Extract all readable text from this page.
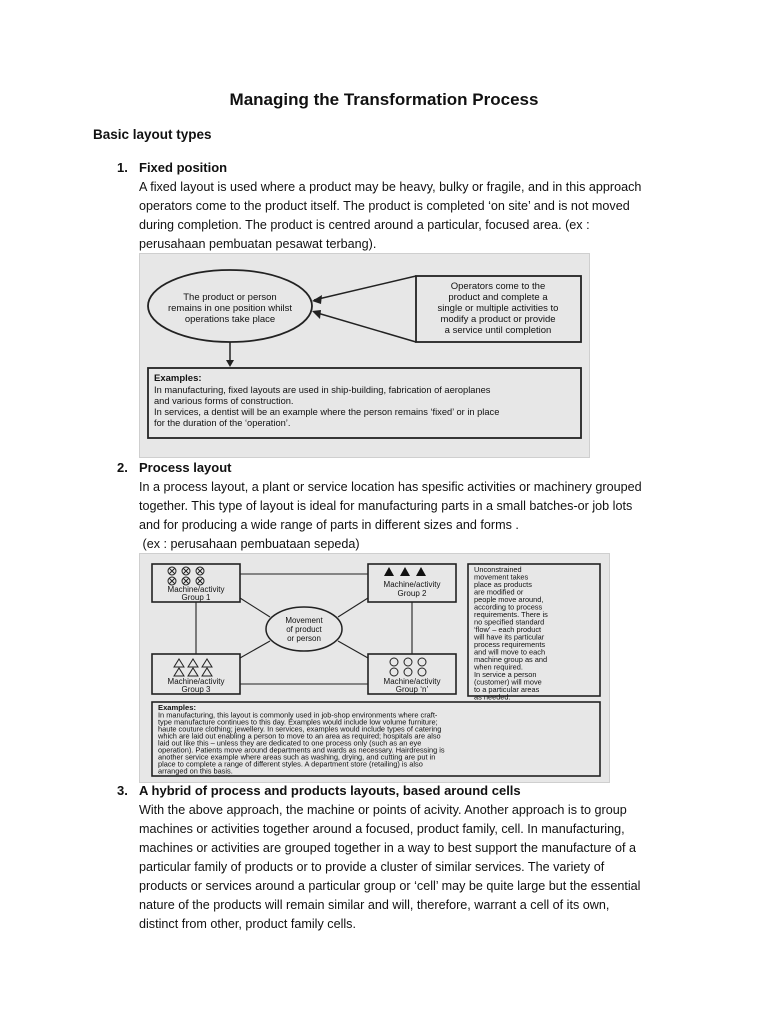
Managing the Transformation Process
Basic layout types
1. Fixed position

A fixed layout is used where a product may be heavy, bulky or fragile, and in this approach

operators come to the product itself. The product is completed ‘on site’ and is not moved

during completion. The product is centred around a particular, focused area. (ex :

perusahaan pembuatan pesawat terbang).

The product or person
remains in one position whilst
operations take place
Operators come to the
product and complete a
single or multiple activities to
modify a product or provide
a service until completion
Examples:
In manufacturing, fixed layouts are used in ship-building, fabrication of aeroplanes
and various forms of construction.
In services, a dentist will be an example where the person remains ‘fixed’ or in place
for the duration of the ‘operation’.
2. Process layout

In a process layout, a plant or service location has spesific activities or machinery grouped

together. This type of layout is ideal for manufacturing parts in a small batches-or job lots

and for producing a wide range of parts in different sizes and forms .

(ex : perusahaan pembuataan sepeda)

Machine/activity
Group 1
Machine/activity
Group 2
Machine/activity
Group 3
Machine/activity
Group ‘n’
Movement
of product
or person
Unconstrained
movement takes
place as products
are modified or
people move around,
according to process
requirements. There is
no specified standard
‘flow’ – each product
will have its particular
process requirements
and will move to each
machine group as and
when required.
In service a person
(customer) will move
to a particular areas
as needed.
Examples:
In manufacturing, this layout is commonly used in job-shop environments where craft-
type manufacture continues to this day. Examples would include low volume furniture;
haute couture clothing; jewellery. In services, examples would include types of catering
which are laid out enabling a person to move to an area as required; hospitals are also
laid out like this – unless they are dedicated to one process only (such as an eye
operation). Patients move around departments and wards as necessary. Hairdressing is
another service example where areas such as washing, drying, and cutting are put in
place to complete a range of different styles. A department store (retailing) is also
arranged on this basis.
3. A hybrid of process and products layouts, based around cells

With the above approach, the machine or points of acivity. Another approach is to group

machines or activities together around a focused, product family, cell. In manufacturing,

machines or activities are grouped together in a way to best support the manufacture of a

particular family of products or to provide a cluster of similar services. The variety of

products or services around a particular group or ‘cell’ may be quite large but the essential

nature of the products will remain similar and will, therefore, warrant a cell of its own,

distinct from other, product family cells.
